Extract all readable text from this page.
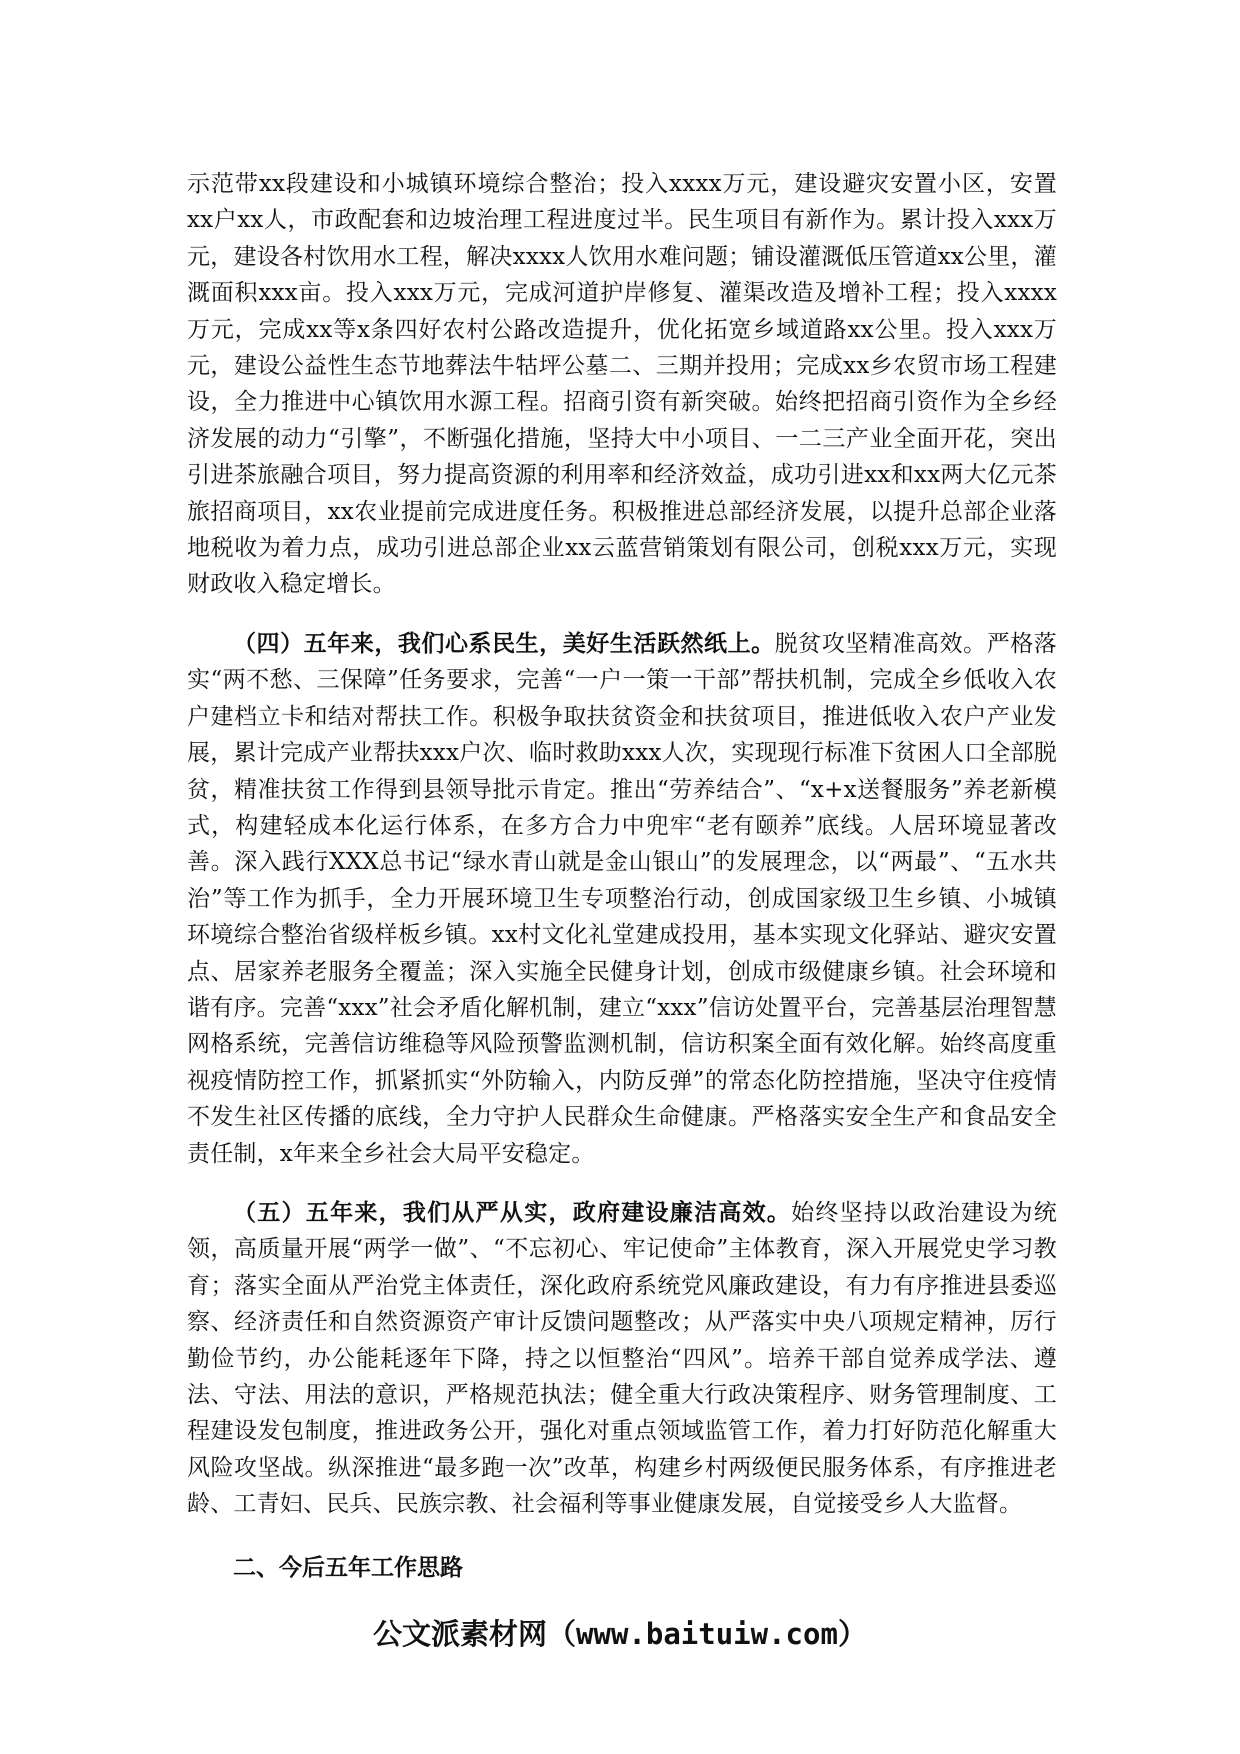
示范带xx段建设和小城镇环境综合整治；投入xxxx万元，建设避灾安置小区，安置xx户xx人，市政配套和边坡治理工程进度过半。民生项目有新作为。累计投入xxx万元，建设各村饮用水工程，解决xxxx人饮用水难问题；铺设灌溉低压管道xx公里，灌溉面积xxx亩。投入xxx万元，完成河道护岸修复、灌渠改造及增补工程；投入xxxx万元，完成xx等x条四好农村公路改造提升，优化拓宽乡域道路xx公里。投入xxx万元，建设公益性生态节地葬法牛牯坪公墓二、三期并投用；完成xx乡农贸市场工程建设，全力推进中心镇饮用水源工程。招商引资有新突破。始终把招商引资作为全乡经济发展的动力“引擎”，不断强化措施，坚持大中小项目、一二三产业全面开花，突出引进茶旅融合项目，努力提高资源的利用率和经济效益，成功引进xx和xx两大亿元茶旅招商项目，xx农业提前完成进度任务。积极推进总部经济发展，以提升总部企业落地税收为着力点，成功引进总部企业xx云蓝营销策划有限公司，创税xxx万元，实现财政收入稳定增长。

（四）五年来，我们心系民生，美好生活跃然纸上。脱贫攻坚精准高效。严格落实“两不愁、三保障”任务要求，完善“一户一策一干部”帮扶机制，完成全乡低收入农户建档立卡和结对帮扶工作。积极争取扶贫资金和扶贫项目，推进低收入农户产业发展，累计完成产业帮扶xxx户次、临时救助xxx人次，实现现行标准下贫困人口全部脱贫，精准扶贫工作得到县领导批示肯定。推出“劳养结合”、“x+x送餐服务”养老新模式，构建轻成本化运行体系，在多方合力中兜牢“老有颐养”底线。人居环境显著改善。深入践行XXX总书记“绿水青山就是金山银山”的发展理念，以“两最”、“五水共治”等工作为抓手，全力开展环境卫生专项整治行动，创成国家级卫生乡镇、小城镇环境综合整治省级样板乡镇。xx村文化礼堂建成投用，基本实现文化驿站、避灾安置点、居家养老服务全覆盖；深入实施全民健身计划，创成市级健康乡镇。社会环境和谐有序。完善“xxx”社会矛盾化解机制，建立“xxx”信访处置平台，完善基层治理智慧网格系统，完善信访维稳等风险预警监测机制，信访积案全面有效化解。始终高度重视疫情防控工作，抓紧抓实“外防输入，内防反弹”的常态化防控措施，坚决守住疫情不发生社区传播的底线，全力守护人民群众生命健康。严格落实安全生产和食品安全责任制，x年来全乡社会大局平安稳定。

（五）五年来，我们从严从实，政府建设廉洁高效。始终坚持以政治建设为统领，高质量开展“两学一做”、“不忘初心、牢记使命”主体教育，深入开展党史学习教育；落实全面从严治党主体责任，深化政府系统党风廉政建设，有力有序推进县委巡察、经济责任和自然资源资产审计反馈问题整改；从严落实中央八项规定精神，厉行勤俭节约，办公能耗逐年下降，持之以恒整治“四风”。培养干部自觉养成学法、遵法、守法、用法的意识，严格规范执法；健全重大行政决策程序、财务管理制度、工程建设发包制度，推进政务公开，强化对重点领域监管工作，着力打好防范化解重大风险攻坚战。纵深推进“最多跑一次”改革，构建乡村两级便民服务体系，有序推进老龄、工青妇、民兵、民族宗教、社会福利等事业健康发展，自觉接受乡人大监督。

二、今后五年工作思路

公文派素材网（www.baituiw.com）
